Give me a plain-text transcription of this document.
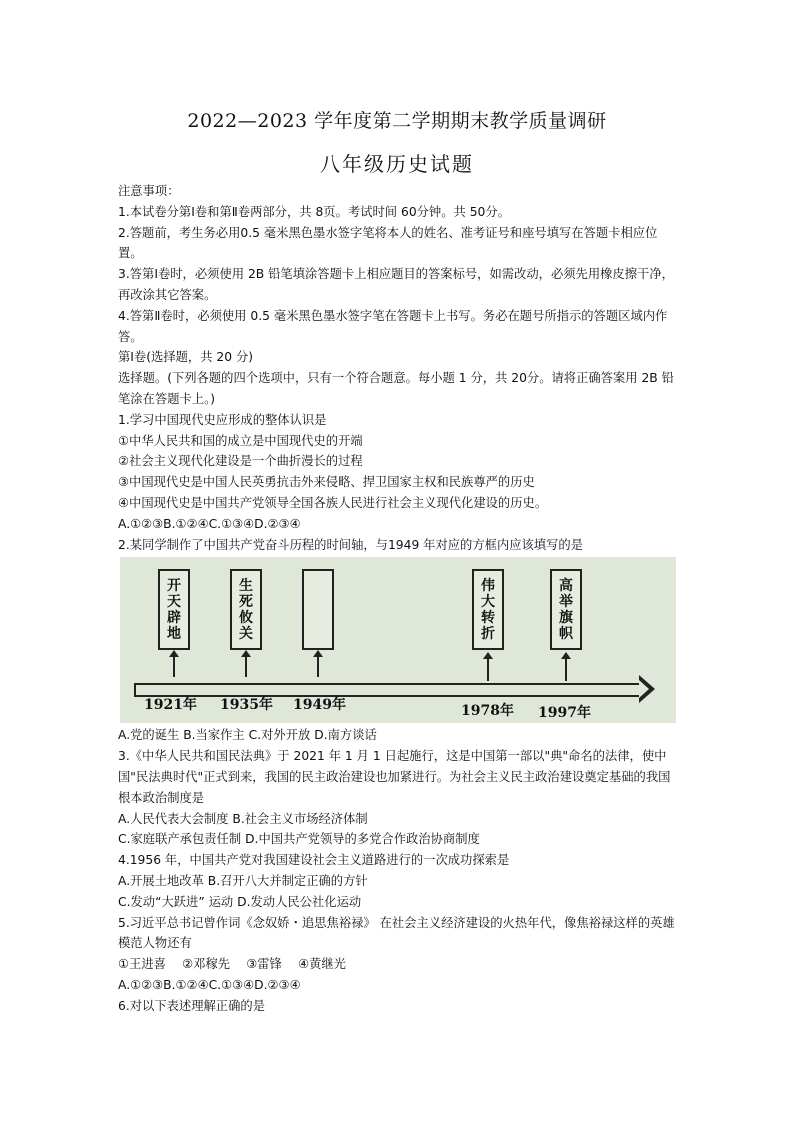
2022—2023 学年度第二学期期末教学质量调研
八年级历史试题

注意事项：

1.本试卷分第Ⅰ卷和第Ⅱ卷两部分，共 8页。考试时间 60分钟。共 50分。

2.答题前，考生务必用0.5 毫米黑色墨水签字笔将本人的姓名、准考证号和座号填写在答题卡相应位置。

3.答第Ⅰ卷时，必须使用 2B 铅笔填涂答题卡上相应题目的答案标号，如需改动，必须先用橡皮擦干净，再改涂其它答案。

4.答第Ⅱ卷时，必须使用 0.5 毫米黑色墨水签字笔在答题卡上书写。务必在题号所指示的答题区域内作答。

第Ⅰ卷(选择题，共 20 分)

选择题。(下列各题的四个选项中，只有一个符合题意。每小题 1 分，共 20分。请将正确答案用 2B 铅笔涂在答题卡上。)

1.学习中国现代史应形成的整体认识是

①中华人民共和国的成立是中国现代史的开端

②社会主义现代化建设是一个曲折漫长的过程

③中国现代史是中国人民英勇抗击外来侵略、捍卫国家主权和民族尊严的历史

④中国现代史是中国共产党领导全国各族人民进行社会主义现代化建设的历史。

A.①②③B.①②④C.①③④D.②③④

2.某同学制作了中国共产党奋斗历程的时间轴，与1949 年对应的方框内应该填写的是

开
天
辟
地
生
死
攸
关
伟
大
转
折
高
举
旗
帜
1921年 1935年 1949年	1978年 1997年

A.党的诞生 B.当家作主 C.对外开放 D.南方谈话

3.《中华人民共和国民法典》于 2021 年 1 月 1 日起施行，这是中国第一部以"典"命名的法律，使中国"民法典时代"正式到来，我国的民主政治建设也加紧进行。为社会主义民主政治建设奠定基础的我国根本政治制度是

A.人民代表大会制度 B.社会主义市场经济体制

C.家庭联产承包责任制 D.中国共产党领导的多党合作政治协商制度

4.1956 年，中国共产党对我国建设社会主义道路进行的一次成功探索是

A.开展土地改革 B.召开八大并制定正确的方针

C.发动“大跃进” 运动 D.发动人民公社化运动

5.习近平总书记曾作词《念奴娇・追思焦裕禄》 在社会主义经济建设的火热年代，像焦裕禄这样的英雄模范人物还有

①王进喜　 ②邓稼先　 ③雷锋　 ④黄继光

A.①②③B.①②④C.①③④D.②③④

6.对以下表述理解正确的是
